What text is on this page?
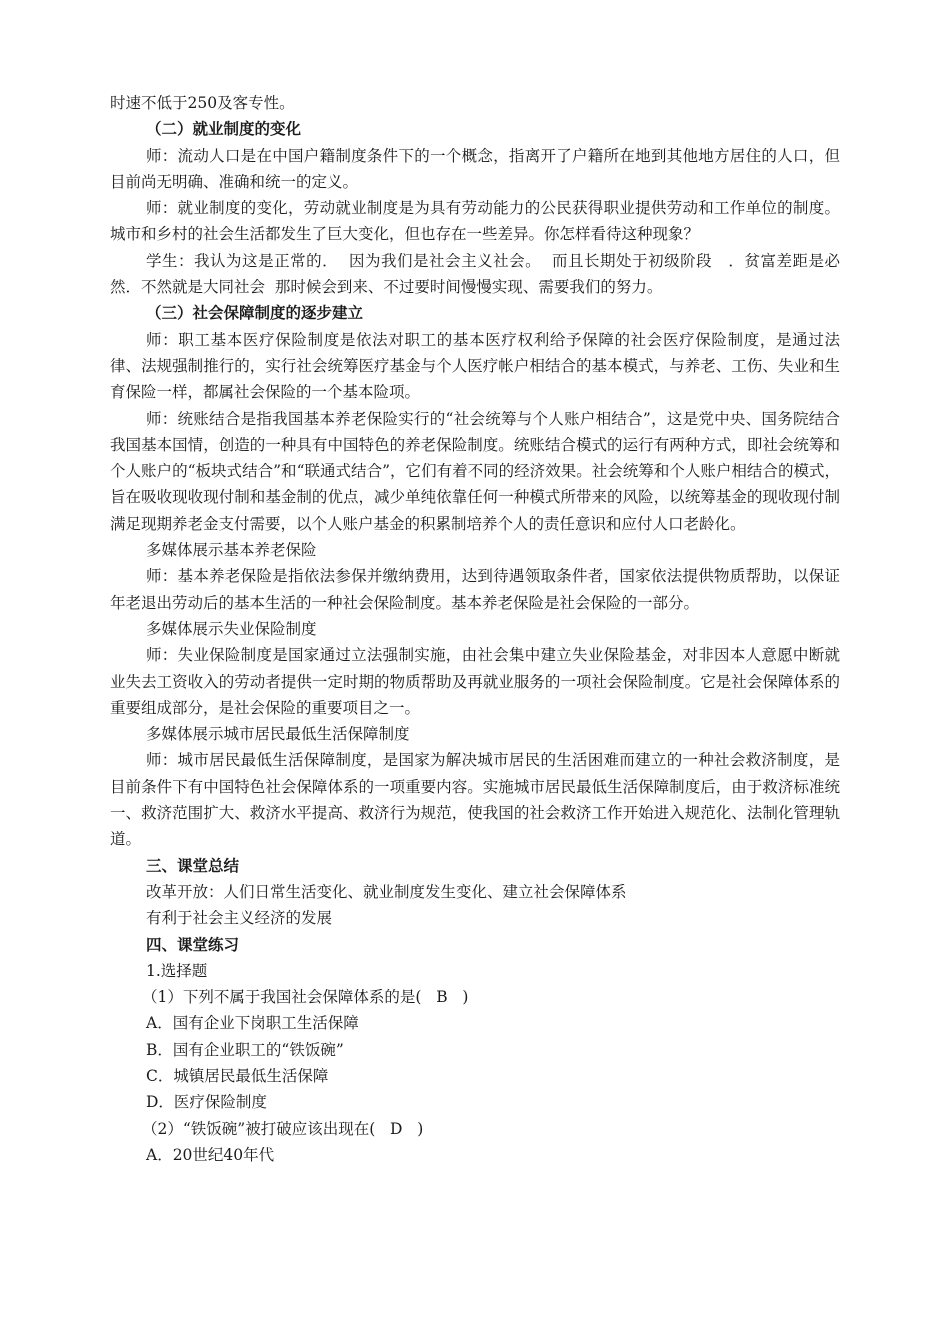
时速不低于250及客专性。

（二）就业制度的变化

师：流动人口是在中国户籍制度条件下的一个概念，指离开了户籍所在地到其他地方居住的人口，但目前尚无明确、准确和统一的定义。

师：就业制度的变化，劳动就业制度是为具有劳动能力的公民获得职业提供劳动和工作单位的制度。城市和乡村的社会生活都发生了巨大变化，但也存在一些差异。你怎样看待这种现象？

学生：我认为这是正常的．  因为我们是社会主义社会。  而且长期处于初级阶段   ．贫富差距是必然．不然就是大同社会  那时候会到来、不过要时间慢慢实现、需要我们的努力。

（三）社会保障制度的逐步建立

师：职工基本医疗保险制度是依法对职工的基本医疗权利给予保障的社会医疗保险制度，是通过法律、法规强制推行的，实行社会统筹医疗基金与个人医疗帐户相结合的基本模式，与养老、工伤、失业和生育保险一样，都属社会保险的一个基本险项。

师：统账结合是指我国基本养老保险实行的“社会统筹与个人账户相结合”，这是党中央、国务院结合我国基本国情，创造的一种具有中国特色的养老保险制度。统账结合模式的运行有两种方式，即社会统筹和个人账户的“板块式结合”和“联通式结合”，它们有着不同的经济效果。社会统筹和个人账户相结合的模式，旨在吸收现收现付制和基金制的优点，减少单纯依靠任何一种模式所带来的风险，以统筹基金的现收现付制满足现期养老金支付需要，以个人账户基金的积累制培养个人的责任意识和应付人口老龄化。

多媒体展示基本养老保险

师：基本养老保险是指依法参保并缴纳费用，达到待遇领取条件者，国家依法提供物质帮助，以保证年老退出劳动后的基本生活的一种社会保险制度。基本养老保险是社会保险的一部分。

多媒体展示失业保险制度

师：失业保险制度是国家通过立法强制实施，由社会集中建立失业保险基金，对非因本人意愿中断就业失去工资收入的劳动者提供一定时期的物质帮助及再就业服务的一项社会保险制度。它是社会保障体系的重要组成部分，是社会保险的重要项目之一。

多媒体展示城市居民最低生活保障制度

师：城市居民最低生活保障制度，是国家为解决城市居民的生活困难而建立的一种社会救济制度，是目前条件下有中国特色社会保障体系的一项重要内容。实施城市居民最低生活保障制度后，由于救济标准统一、救济范围扩大、救济水平提高、救济行为规范，使我国的社会救济工作开始进入规范化、法制化管理轨道。

三、课堂总结

改革开放：人们日常生活变化、就业制度发生变化、建立社会保障体系

有利于社会主义经济的发展

四、课堂练习

1.选择题

（1）下列不属于我国社会保障体系的是(   B   )

A．国有企业下岗职工生活保障

B．国有企业职工的“铁饭碗”

C．城镇居民最低生活保障

D．医疗保险制度

（2）“铁饭碗”被打破应该出现在(   D   )

A．20世纪40年代
